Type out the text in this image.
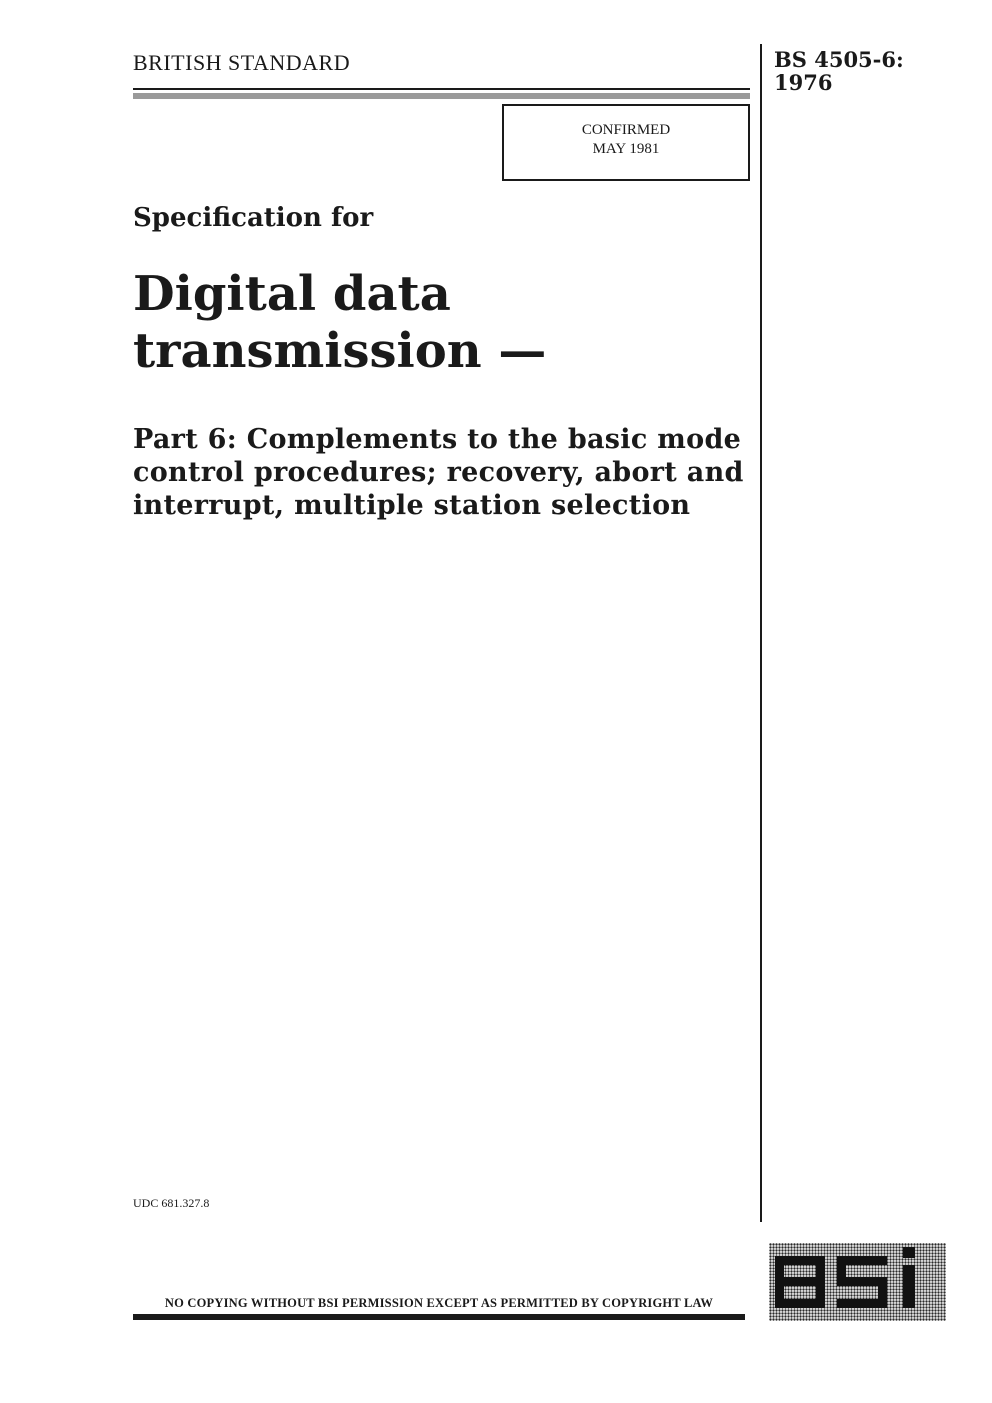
BRITISH STANDARD	BS 4505-6:
1976
CONFIRMED
MAY 1981
Specification for
Digital data
transmission —
Part 6: Complements to the basic mode control procedures; recovery, abort and interrupt, multiple station selection
UDC 681.327.8
NO COPYING WITHOUT BSI PERMISSION EXCEPT AS PERMITTED BY COPYRIGHT LAW
